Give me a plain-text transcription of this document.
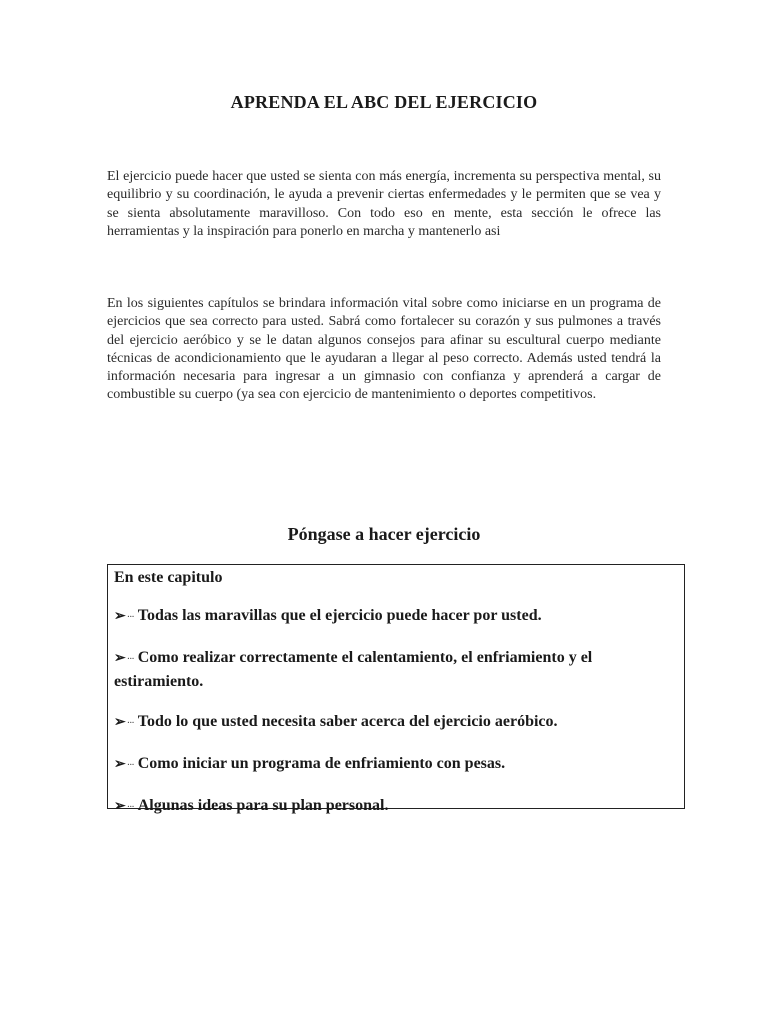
APRENDA EL ABC DEL EJERCICIO
El ejercicio puede hacer que usted se sienta con más energía, incrementa su perspectiva mental, su equilibrio y su coordinación, le ayuda a prevenir ciertas enfermedades y le permiten que se vea y se sienta absolutamente maravilloso. Con todo eso en mente, esta sección le ofrece las herramientas y la inspiración para ponerlo en marcha y mantenerlo asi
En los siguientes capítulos se brindara información vital sobre como iniciarse en un programa de ejercicios que sea correcto para usted. Sabrá como fortalecer su corazón y sus pulmones a través del ejercicio aeróbico y se le datan algunos consejos para afinar su escultural cuerpo mediante técnicas de acondicionamiento que le ayudaran a llegar al peso correcto. Además usted tendrá la información necesaria para ingresar a un gimnasio con confianza y aprenderá a cargar de combustible su cuerpo (ya sea con ejercicio de mantenimiento o deportes competitivos.
Póngase a hacer ejercicio
En este capitulo
➢··· Todas las maravillas que el ejercicio puede hacer por usted.
➢··· Como realizar correctamente el calentamiento, el enfriamiento y el estiramiento.
➢··· Todo lo que usted necesita saber acerca del ejercicio aeróbico.
➢··· Como iniciar un programa de enfriamiento con pesas.
➢··· Algunas ideas para su plan personal.
